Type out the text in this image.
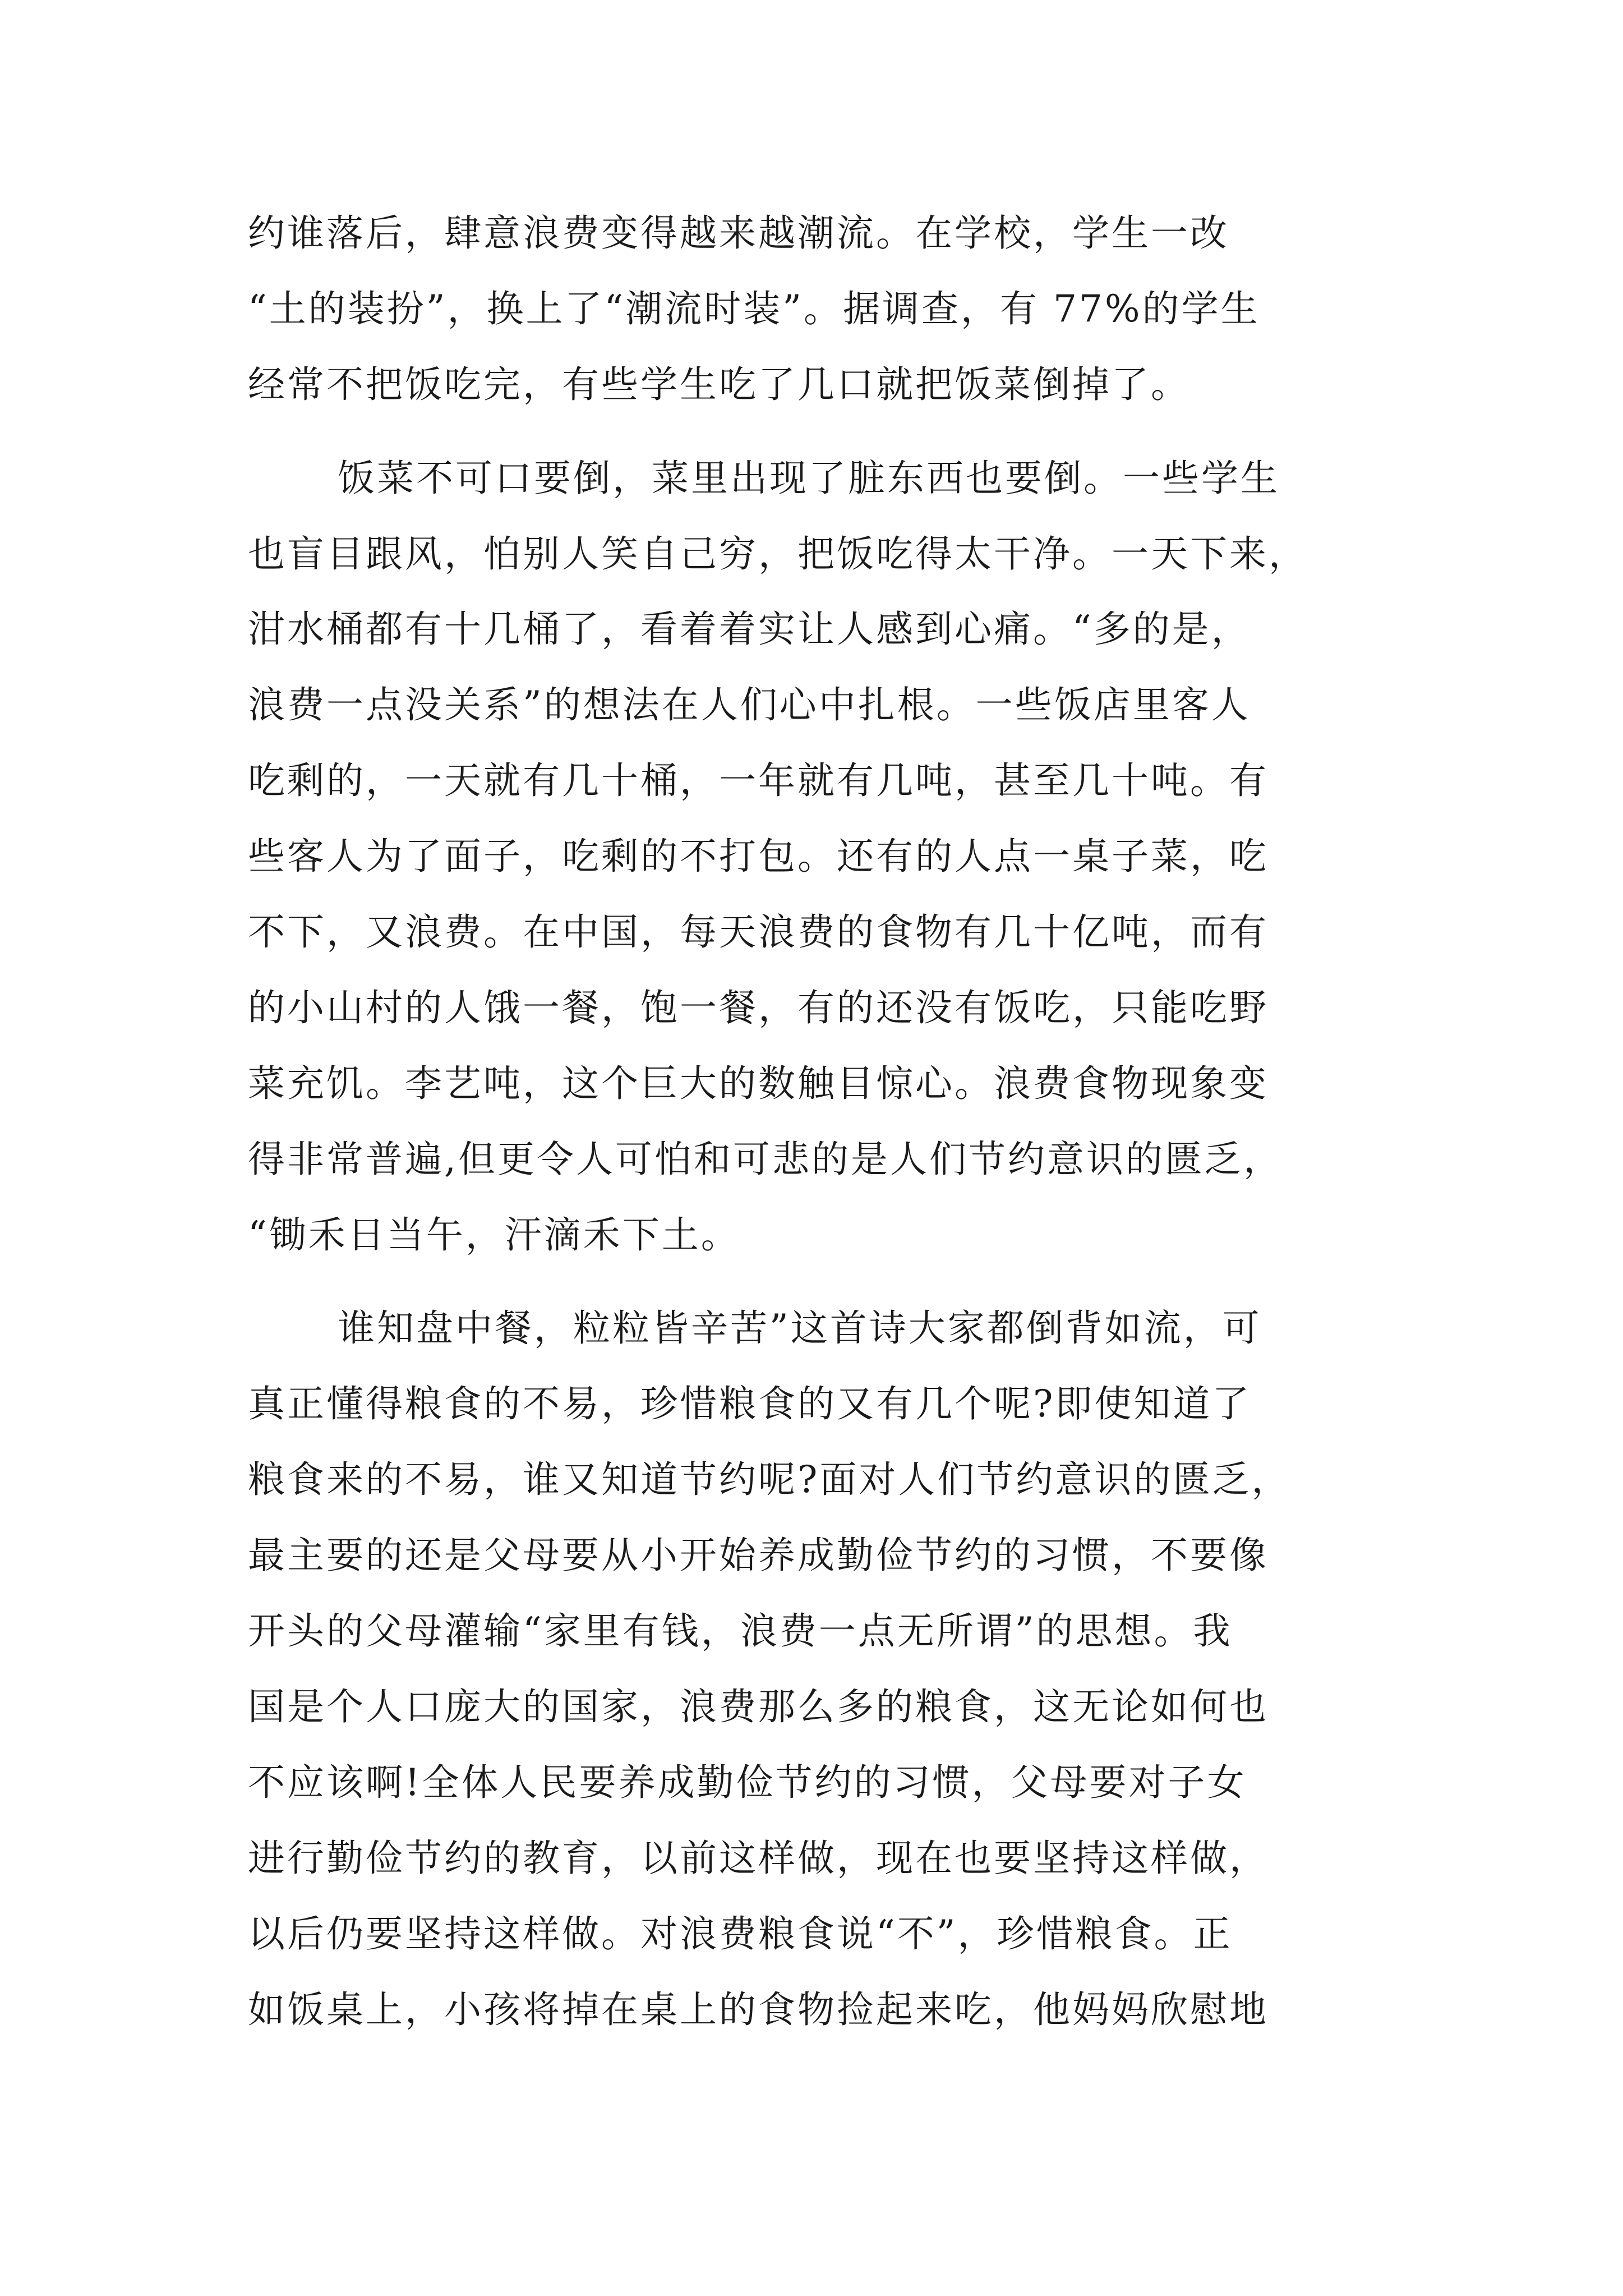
约谁落后，肆意浪费变得越来越潮流。在学校，学生一改
“土的装扮”，换上了“潮流时装”。据调查，有 77%的学生
经常不把饭吃完，有些学生吃了几口就把饭菜倒掉了。
饭菜不可口要倒，菜里出现了脏东西也要倒。一些学生
也盲目跟风，怕别人笑自己穷，把饭吃得太干净。一天下来，
泔水桶都有十几桶了，看着着实让人感到心痛。“多的是，
浪费一点没关系”的想法在人们心中扎根。一些饭店里客人
吃剩的，一天就有几十桶，一年就有几吨，甚至几十吨。有
些客人为了面子，吃剩的不打包。还有的人点一桌子菜，吃
不下，又浪费。在中国，每天浪费的食物有几十亿吨，而有
的小山村的人饿一餐，饱一餐，有的还没有饭吃，只能吃野
菜充饥。李艺吨，这个巨大的数触目惊心。浪费食物现象变
得非常普遍,但更令人可怕和可悲的是人们节约意识的匮乏，
“锄禾日当午，汗滴禾下土。
谁知盘中餐，粒粒皆辛苦”这首诗大家都倒背如流，可
真正懂得粮食的不易，珍惜粮食的又有几个呢?即使知道了
粮食来的不易，谁又知道节约呢?面对人们节约意识的匮乏，
最主要的还是父母要从小开始养成勤俭节约的习惯，不要像
开头的父母灌输“家里有钱，浪费一点无所谓”的思想。我
国是个人口庞大的国家，浪费那么多的粮食，这无论如何也
不应该啊!全体人民要养成勤俭节约的习惯，父母要对子女
进行勤俭节约的教育，以前这样做，现在也要坚持这样做，
以后仍要坚持这样做。对浪费粮食说“不”，珍惜粮食。正
如饭桌上，小孩将掉在桌上的食物捡起来吃，他妈妈欣慰地
